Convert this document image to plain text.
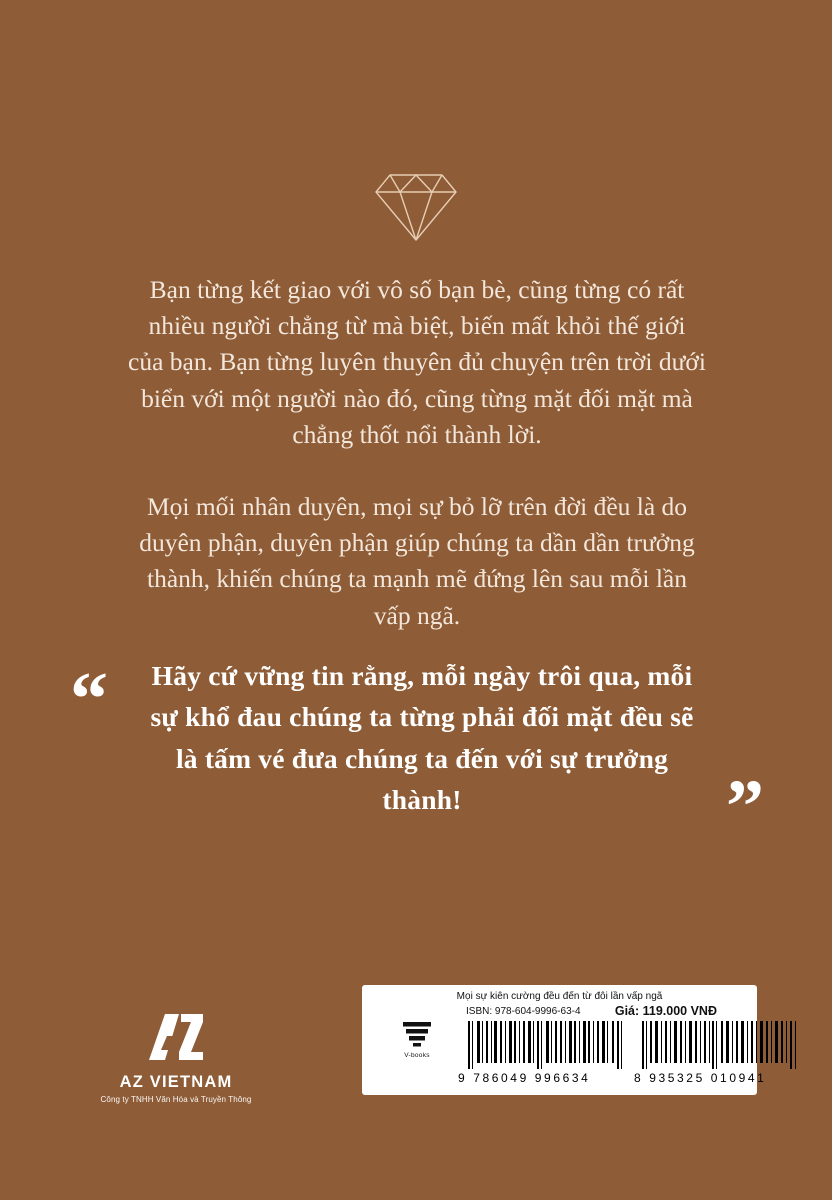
Bạn từng kết giao với vô số bạn bè, cũng từng có rất nhiều người chẳng từ mà biệt, biến mất khỏi thế giới của bạn. Bạn từng luyên thuyên đủ chuyện trên trời dưới biển với một người nào đó, cũng từng mặt đối mặt mà chẳng thốt nổi thành lời.

Mọi mối nhân duyên, mọi sự bỏ lỡ trên đời đều là do duyên phận, duyên phận giúp chúng ta dần dần trưởng thành, khiến chúng ta mạnh mẽ đứng lên sau mỗi lần vấp ngã.

“	Hãy cứ vững tin rằng, mỗi ngày trôi qua, mỗi sự khổ đau chúng ta từng phải đối mặt đều sẽ là tấm vé đưa chúng ta đến với sự trưởng thành!	”

AZ VIETNAM

Công ty TNHH Văn Hóa và Truyền Thông

Mọi sự kiên cường đều đến từ đôi lần vấp ngã
ISBN: 978-604-9996-63-4	Giá: 119.000 VNĐ
V-books
9 786049 996634	8 935325 010941
